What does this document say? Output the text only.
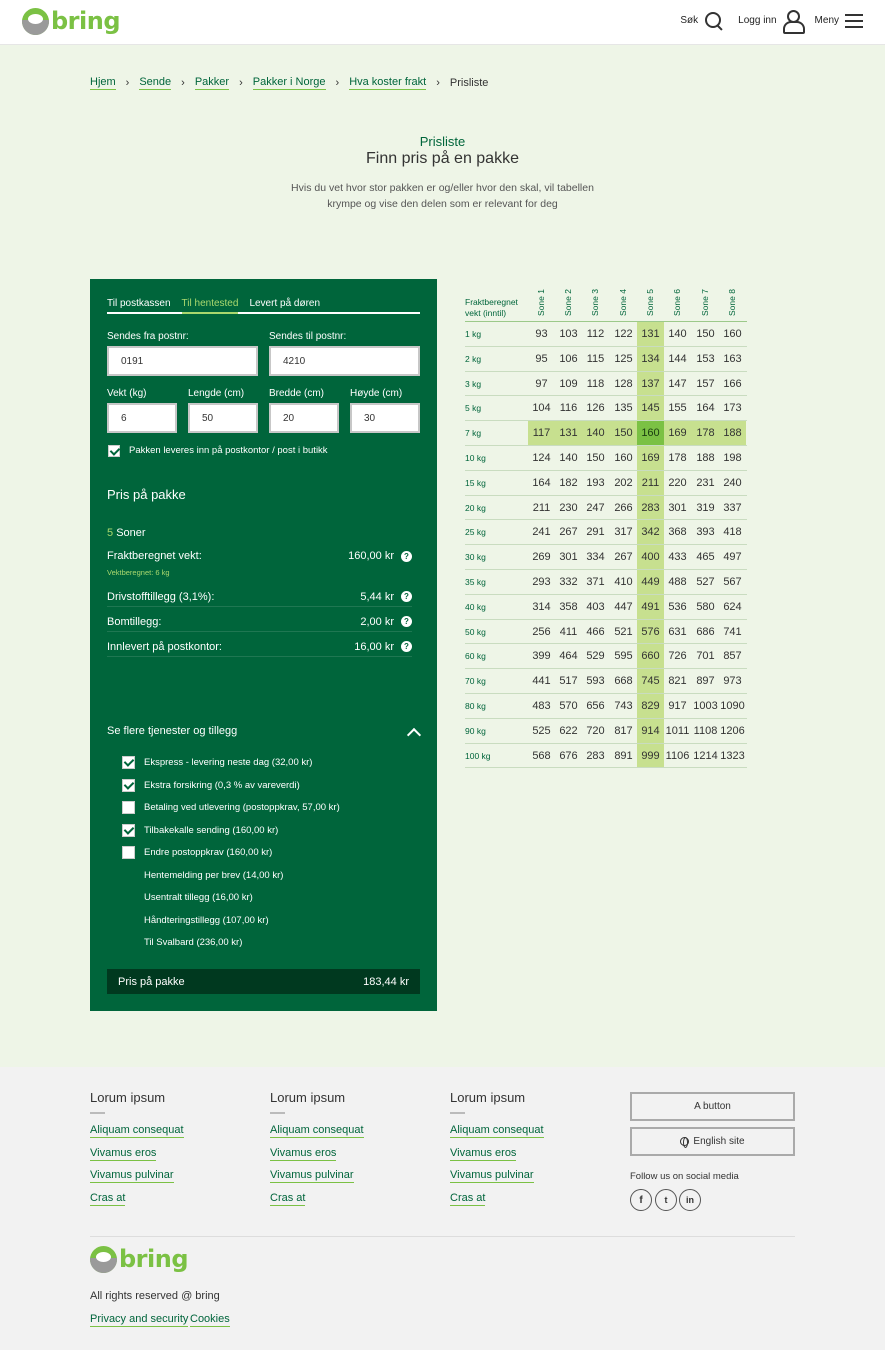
bring	Søk	Logg inn	Meny
Hjem › Sende › Pakker › Pakker i Norge › Hva koster frakt › Prisliste
Prisliste
Finn pris på en pakke
Hvis du vet hvor stor pakken er og/eller hvor den skal, vil tabellen krympe og vise den delen som er relevant for deg
Til postkassen Til hentested Levert på døren
Sendes fra postnr:
0191
Sendes til postnr:
4210
Vekt (kg)
6
Lengde (cm)
50
Bredde (cm)
20
Høyde (cm)
30
Pakken leveres inn på postkontor / post i butikk
Pris på pakke
5 Soner
Fraktberegnet vekt:	160,00 kr	?
Vektberegnet: 6 kg
Drivstofftillegg (3,1%):	5,44 kr	?
Bomtillegg:	2,00 kr	?
Innlevert på postkontor:	16,00 kr	?
Se flere tjenester og tillegg
Ekspress - levering neste dag (32,00 kr)
Ekstra forsikring (0,3 % av vareverdi)
Betaling ved utlevering (postoppkrav, 57,00 kr)
Tilbakekalle sending (160,00 kr)
Endre postoppkrav (160,00 kr)
Hentemelding per brev (14,00 kr)
Usentralt tillegg (16,00 kr)
Håndteringstillegg (107,00 kr)
Til Svalbard (236,00 kr)
Pris på pakke	183,44 kr
Fraktberegnet
vekt (inntil)	Sone 1 Sone 2 Sone 3 Sone 4 Sone 5 Sone 6 Sone 7 Sone 8
1 kg	93	103 112 122 131 140 150 160
2 kg	95	106 115 125 134 144 153 163
3 kg	97	109 118 128 137 147 157 166
5 kg	104 116 126 135 145 155 164 173
7 kg	117 131 140 150 160 169 178 188
10 kg	124 140 150 160 169 178 188 198
15 kg	164 182 193 202 211 220 231 240
20 kg	211 230 247 266 283 301 319 337
25 kg	241 267 291 317 342 368 393 418
30 kg	269 301 334 267 400 433 465 497
35 kg	293 332 371 410 449 488 527 567
40 kg	314 358 403 447 491 536 580 624
50 kg	256 411 466 521 576 631 686 741
60 kg	399 464 529 595 660 726 701 857
70 kg	441 517 593 668 745 821 897 973
80 kg	483 570 656 743 829 917 1003 1090
90 kg	525 622 720 817 914 1011 1108 1206
100 kg	568 676 283 891 999 1106 1214 1323
Lorum ipsum
Aliquam consequat
Vivamus eros
Vivamus pulvinar
Cras at
Lorum ipsum
Aliquam consequat
Vivamus eros
Vivamus pulvinar
Cras at
Lorum ipsum
Aliquam consequat
Vivamus eros
Vivamus pulvinar
Cras at
A button
English site
Follow us on social media
f	t	in
bring
All rights reserved @ bring
Privacy and security Cookies
